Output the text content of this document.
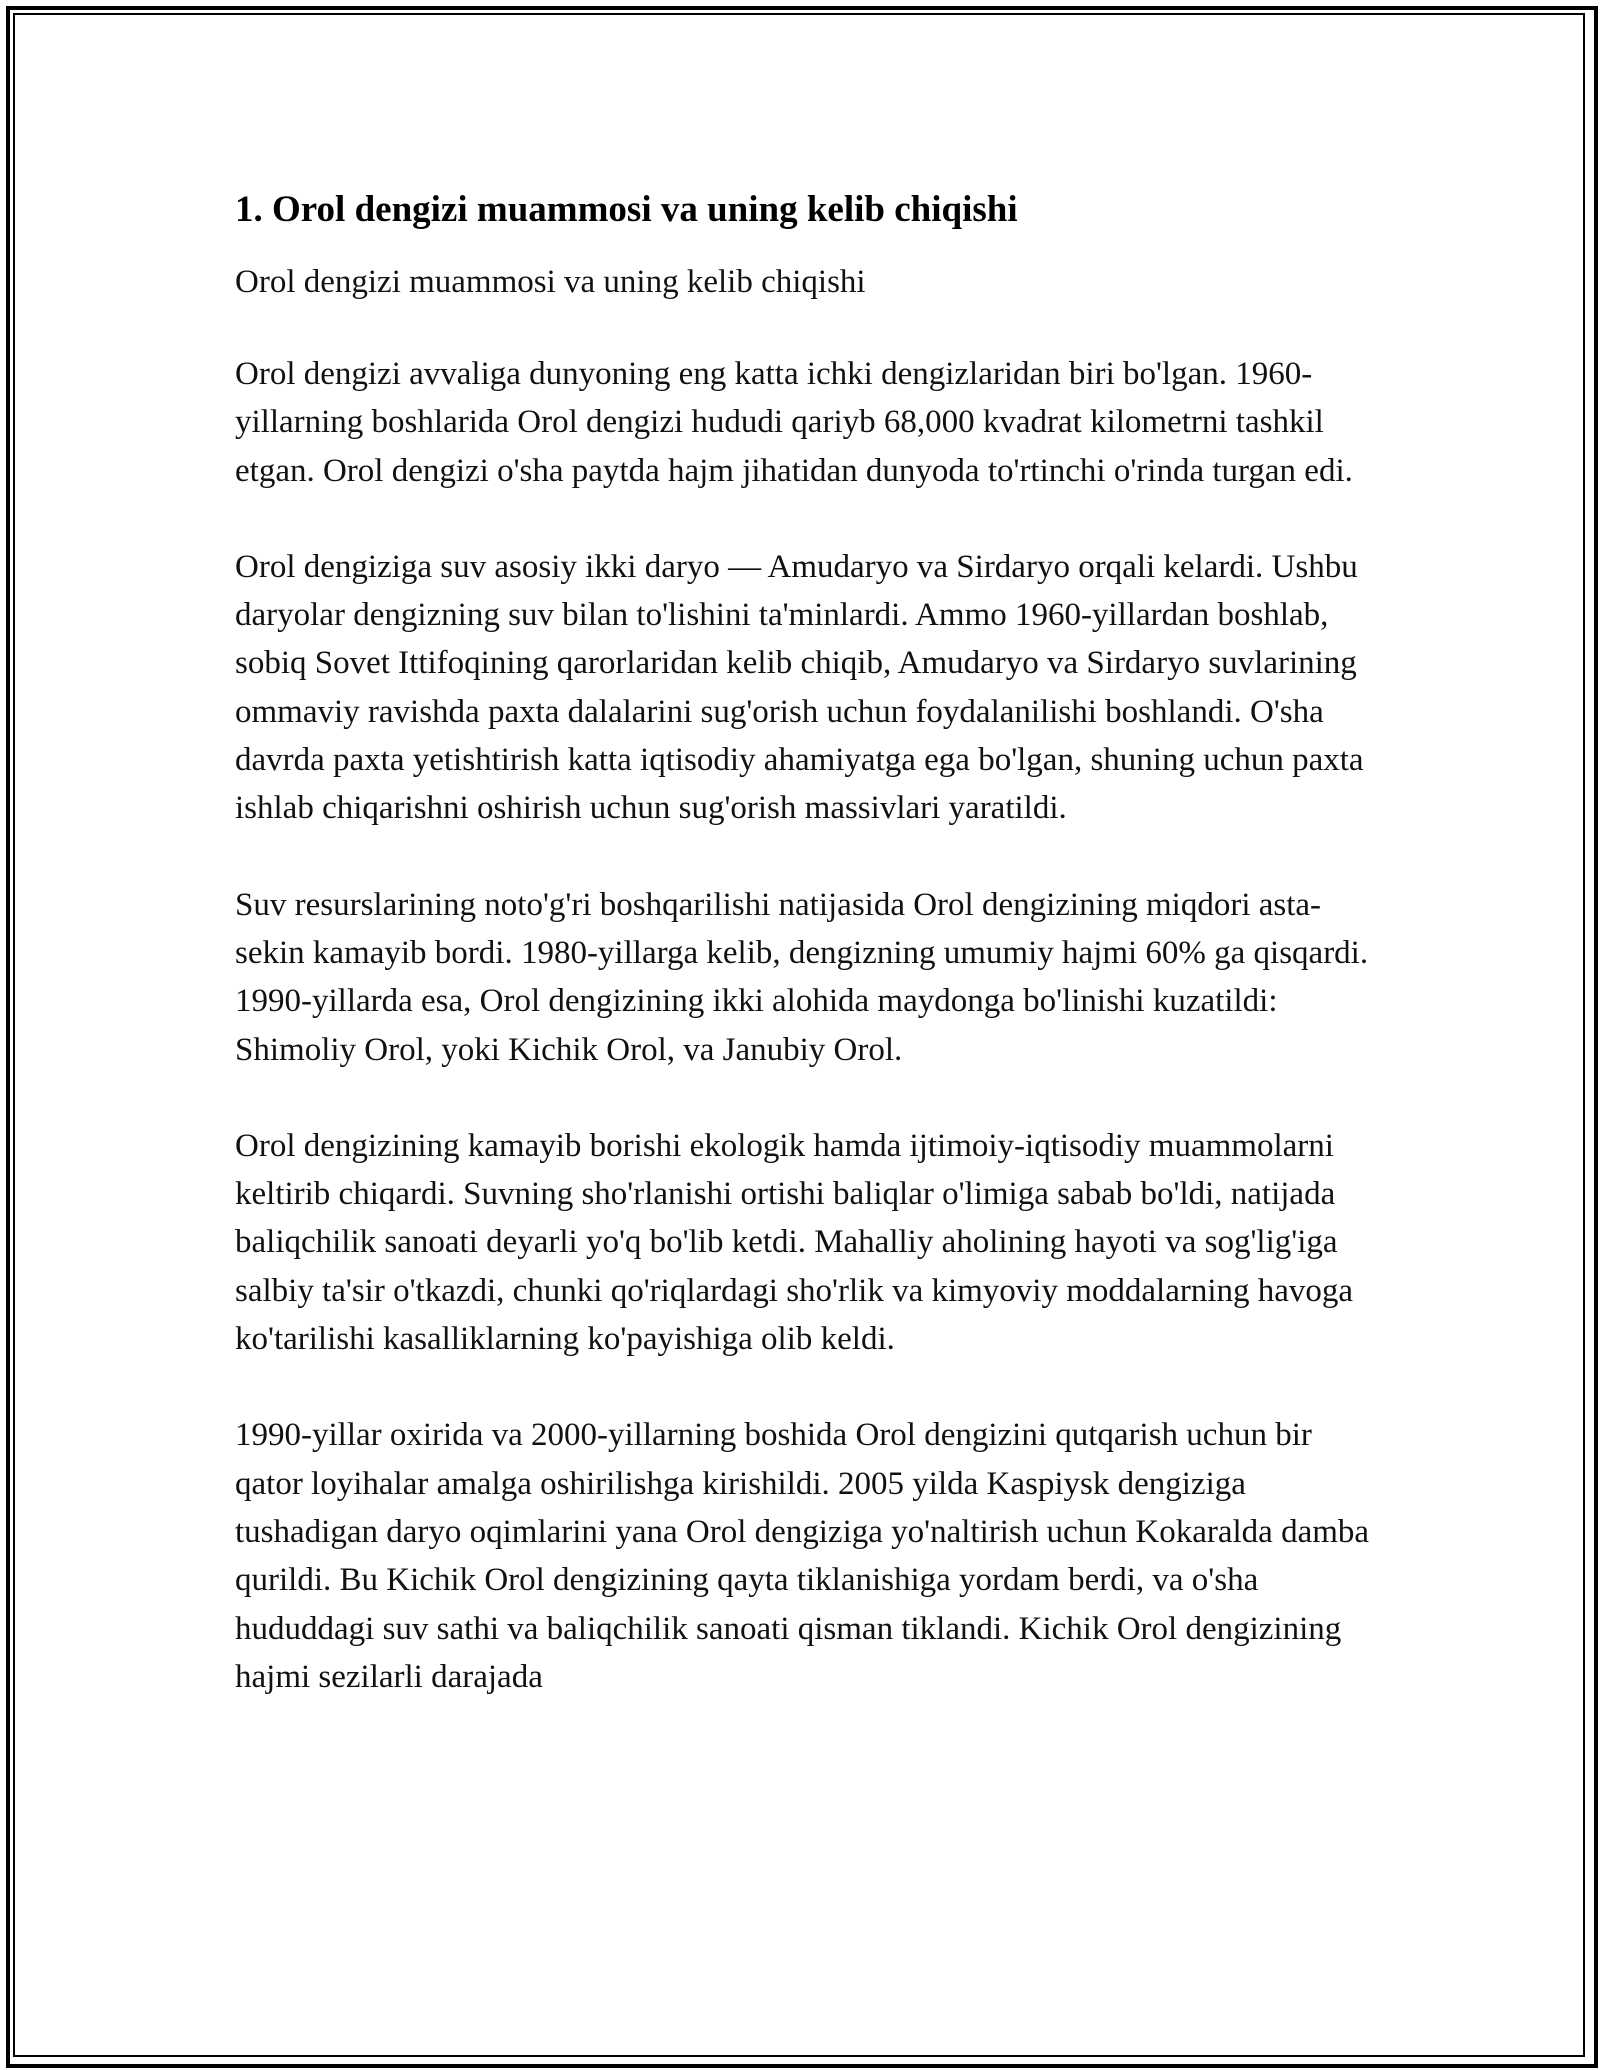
1. Orol dengizi muammosi va uning kelib chiqishi
Orol dengizi muammosi va uning kelib chiqishi

Orol dengizi avvaliga dunyoning eng katta ichki dengizlaridan biri bo'lgan. 1960-yillarning boshlarida Orol dengizi hududi qariyb 68,000 kvadrat kilometrni tashkil etgan. Orol dengizi o'sha paytda hajm jihatidan dunyoda to'rtinchi o'rinda turgan edi.

Orol dengiziga suv asosiy ikki daryo — Amudaryo va Sirdaryo orqali kelardi. Ushbu daryolar dengizning suv bilan to'lishini ta'minlardi. Ammo 1960-yillardan boshlab, sobiq Sovet Ittifoqining qarorlaridan kelib chiqib, Amudaryo va Sirdaryo suvlarining ommaviy ravishda paxta dalalarini sug'orish uchun foydalanilishi boshlandi. O'sha davrda paxta yetishtirish katta iqtisodiy ahamiyatga ega bo'lgan, shuning uchun paxta ishlab chiqarishni oshirish uchun sug'orish massivlari yaratildi.

Suv resurslarining noto'g'ri boshqarilishi natijasida Orol dengizining miqdori asta-sekin kamayib bordi. 1980-yillarga kelib, dengizning umumiy hajmi 60% ga qisqardi. 1990-yillarda esa, Orol dengizining ikki alohida maydonga bo'linishi kuzatildi: Shimoliy Orol, yoki Kichik Orol, va Janubiy Orol.

Orol dengizining kamayib borishi ekologik hamda ijtimoiy-iqtisodiy muammolarni keltirib chiqardi. Suvning sho'rlanishi ortishi baliqlar o'limiga sabab bo'ldi, natijada baliqchilik sanoati deyarli yo'q bo'lib ketdi. Mahalliy aholining hayoti va sog'lig'iga salbiy ta'sir o'tkazdi, chunki qo'riqlardagi sho'rlik va kimyoviy moddalarning havoga ko'tarilishi kasalliklarning ko'payishiga olib keldi.

1990-yillar oxirida va 2000-yillarning boshida Orol dengizini qutqarish uchun bir qator loyihalar amalga oshirilishga kirishildi. 2005 yilda Kaspiysk dengiziga tushadigan daryo oqimlarini yana Orol dengiziga yo'naltirish uchun Kokaralda damba qurildi. Bu Kichik Orol dengizining qayta tiklanishiga yordam berdi, va o'sha hududdagi suv sathi va baliqchilik sanoati qisman tiklandi. Kichik Orol dengizining hajmi sezilarli darajada
